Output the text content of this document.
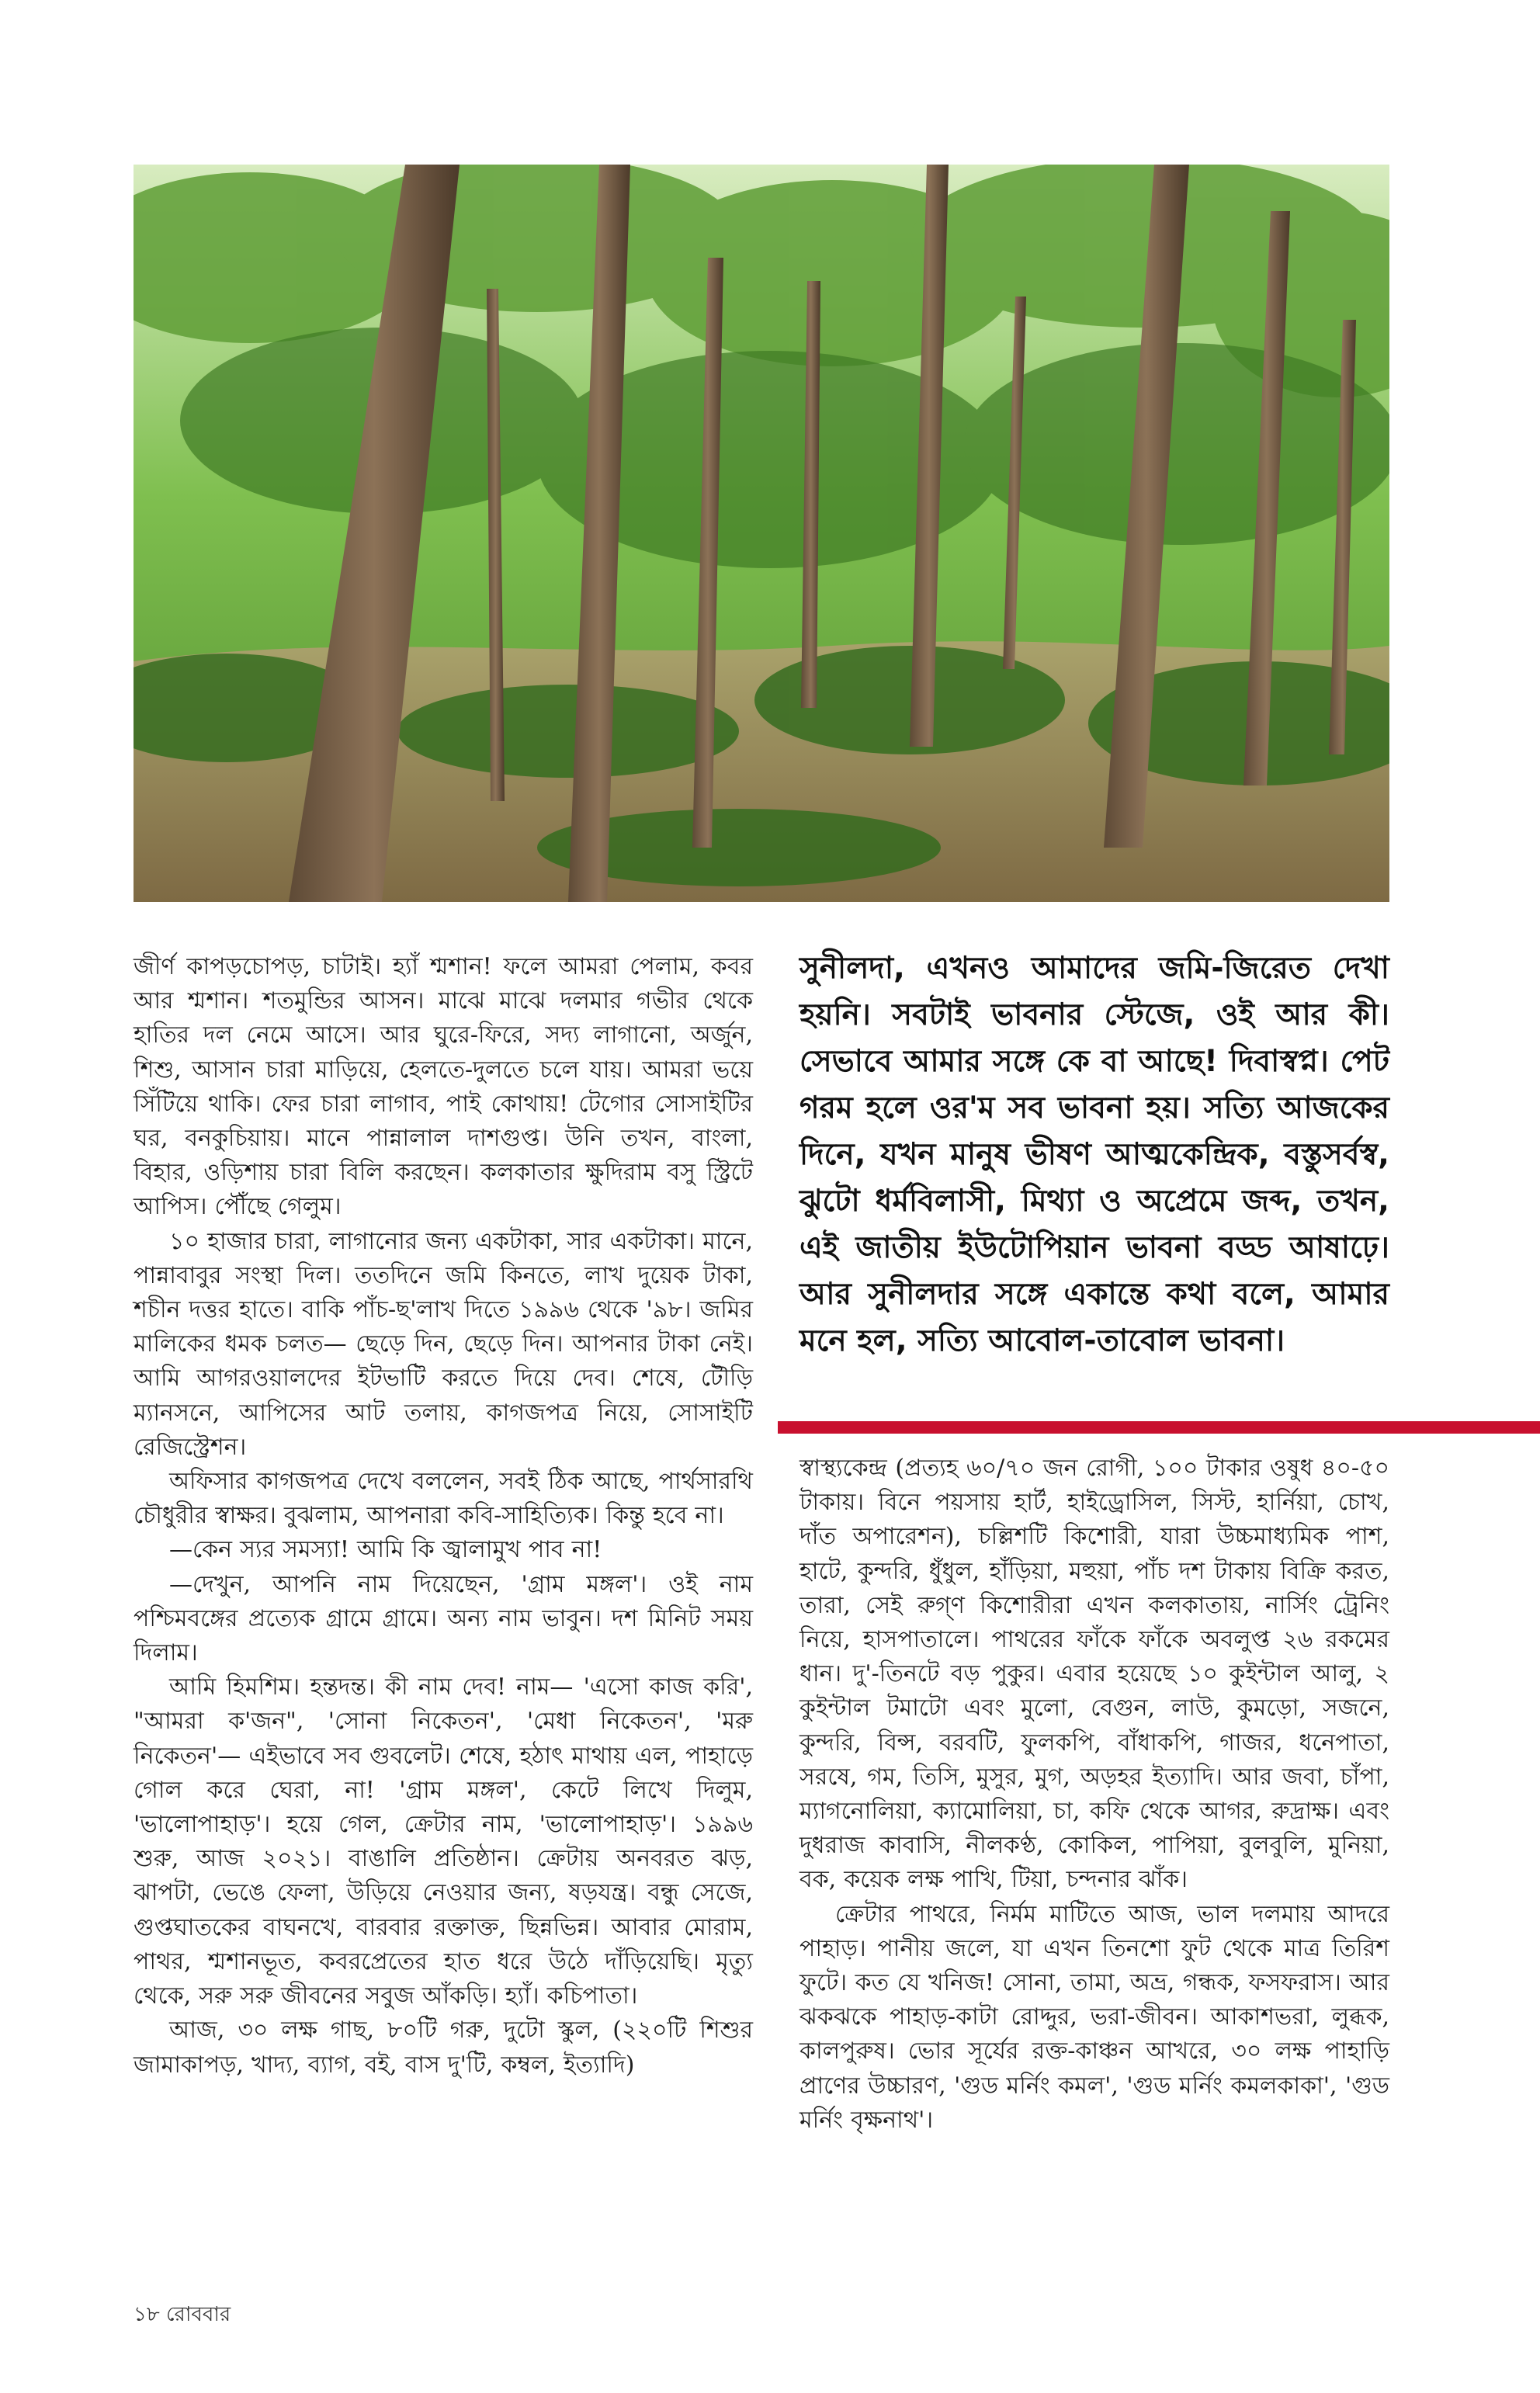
জীর্ণ কাপড়চোপড়, চাটাই। হ্যাঁ শ্মশান! ফলে আমরা পেলাম, কবর আর শ্মশান। শতমুন্ডির আসন। মাঝে মাঝে দলমার গভীর থেকে হাতির দল নেমে আসে। আর ঘুরে-ফিরে, সদ্য লাগানো, অর্জুন, শিশু, আসান চারা মাড়িয়ে, হেলতে-দুলতে চলে যায়। আমরা ভয়ে সিঁটিয়ে থাকি। ফের চারা লাগাব, পাই কোথায়! টেগোর সোসাইটির ঘর, বনকুচিয়ায়। মানে পান্নালাল দাশগুপ্ত। উনি তখন, বাংলা, বিহার, ওড়িশায় চারা বিলি করছেন। কলকাতার ক্ষুদিরাম বসু স্ট্রিটে আপিস। পৌঁছে গেলুম।

১০ হাজার চারা, লাগানোর জন্য একটাকা, সার একটাকা। মানে, পান্নাবাবুর সংস্থা দিল। ততদিনে জমি কিনতে, লাখ দুয়েক টাকা, শচীন দত্তর হাতে। বাকি পাঁচ-ছ'লাখ দিতে ১৯৯৬ থেকে '৯৮। জমির মালিকের ধমক চলত— ছেড়ে দিন, ছেড়ে দিন। আপনার টাকা নেই। আমি আগরওয়ালদের ইটভাটি করতে দিয়ে দেব। শেষে, টৌড়ি ম্যানসনে, আপিসের আট তলায়, কাগজপত্র নিয়ে, সোসাইটি রেজিস্ট্রেশন।

অফিসার কাগজপত্র দেখে বললেন, সবই ঠিক আছে, পার্থসারথি চৌধুরীর স্বাক্ষর। বুঝলাম, আপনারা কবি-সাহিত্যিক। কিন্তু হবে না।

—কেন স্যর সমস্যা! আমি কি জ্বালামুখ পাব না!

—দেখুন, আপনি নাম দিয়েছেন, 'গ্রাম মঙ্গল'। ওই নাম পশ্চিমবঙ্গের প্রত্যেক গ্রামে গ্রামে। অন্য নাম ভাবুন। দশ মিনিট সময় দিলাম।

আমি হিমশিম। হন্তদন্ত। কী নাম দেব! নাম— 'এসো কাজ করি', "আমরা ক'জন", 'সোনা নিকেতন', 'মেধা নিকেতন', 'মরু নিকেতন'— এইভাবে সব গুবলেট। শেষে, হঠাৎ মাথায় এল, পাহাড়ে গোল করে ঘেরা, না! 'গ্রাম মঙ্গল', কেটে লিখে দিলুম, 'ভালোপাহাড়'। হয়ে গেল, ক্রেটার নাম, 'ভালোপাহাড়'। ১৯৯৬ শুরু, আজ ২০২১। বাঙালি প্রতিষ্ঠান। ক্রেটায় অনবরত ঝড়, ঝাপটা, ভেঙে ফেলা, উড়িয়ে নেওয়ার জন্য, ষড়যন্ত্র। বন্ধু সেজে, গুপ্তঘাতকের বাঘনখে, বারবার রক্তাক্ত, ছিন্নভিন্ন। আবার মোরাম, পাথর, শ্মশানভূত, কবরপ্রেতের হাত ধরে উঠে দাঁড়িয়েছি। মৃত্যু থেকে, সরু সরু জীবনের সবুজ আঁকড়ি। হ্যাঁ। কচিপাতা।

আজ, ৩০ লক্ষ গাছ, ৮০টি গরু, দুটো স্কুল, (২২০টি শিশুর জামাকাপড়, খাদ্য, ব্যাগ, বই, বাস দু'টি, কম্বল, ইত্যাদি)

সুনীলদা, এখনও আমাদের জমি-জিরেত দেখা হয়নি। সবটাই ভাবনার স্টেজে, ওই আর কী। সেভাবে আমার সঙ্গে কে বা আছে! দিবাস্বপ্ন। পেট গরম হলে ওর'ম সব ভাবনা হয়। সত্যি আজকের দিনে, যখন মানুষ ভীষণ আত্মকেন্দ্রিক, বস্তুসর্বস্ব, ঝুটো ধর্মবিলাসী, মিথ্যা ও অপ্রেমে জব্দ, তখন, এই জাতীয় ইউটোপিয়ান ভাবনা বড্ড আষাঢ়ে। আর সুনীলদার সঙ্গে একান্তে কথা বলে, আমার মনে হল, সত্যি আবোল-তাবোল ভাবনা।

স্বাস্থ্যকেন্দ্র (প্রত্যহ ৬০/৭০ জন রোগী, ১০০ টাকার ওষুধ ৪০-৫০ টাকায়। বিনে পয়সায় হার্ট, হাইড্রোসিল, সিস্ট, হার্নিয়া, চোখ, দাঁত অপারেশন), চল্লিশটি কিশোরী, যারা উচ্চমাধ্যমিক পাশ, হাটে, কুন্দরি, ধুঁধুল, হাঁড়িয়া, মহুয়া, পাঁচ দশ টাকায় বিক্রি করত, তারা, সেই রুগ্ণ কিশোরীরা এখন কলকাতায়, নার্সিং ট্রেনিং নিয়ে, হাসপাতালে। পাথরের ফাঁকে ফাঁকে অবলুপ্ত ২৬ রকমের ধান। দু'-তিনটে বড় পুকুর। এবার হয়েছে ১০ কুইন্টাল আলু, ২ কুইন্টাল টমাটো এবং মুলো, বেগুন, লাউ, কুমড়ো, সজনে, কুন্দরি, বিন্স, বরবটি, ফুলকপি, বাঁধাকপি, গাজর, ধনেপাতা, সরষে, গম, তিসি, মুসুর, মুগ, অড়হর ইত্যাদি। আর জবা, চাঁপা, ম্যাগনোলিয়া, ক্যামোলিয়া, চা, কফি থেকে আগর, রুদ্রাক্ষ। এবং দুধরাজ কাবাসি, নীলকণ্ঠ, কোকিল, পাপিয়া, বুলবুলি, মুনিয়া, বক, কয়েক লক্ষ পাখি, টিয়া, চন্দনার ঝাঁক।

ক্রেটার পাথরে, নির্মম মাটিতে আজ, ভাল দলমায় আদরে পাহাড়। পানীয় জলে, যা এখন তিনশো ফুট থেকে মাত্র তিরিশ ফুটে। কত যে খনিজ! সোনা, তামা, অভ্র, গন্ধক, ফসফরাস। আর ঝকঝকে পাহাড়-কাটা রোদ্দুর, ভরা-জীবন। আকাশভরা, লুব্ধক, কালপুরুষ। ভোর সূর্যের রক্ত-কাঞ্চন আখরে, ৩০ লক্ষ পাহাড়ি প্রাণের উচ্চারণ, 'গুড মর্নিং কমল', 'গুড মর্নিং কমলকাকা', 'গুড মর্নিং বৃক্ষনাথ'।

১৮ রোববার
